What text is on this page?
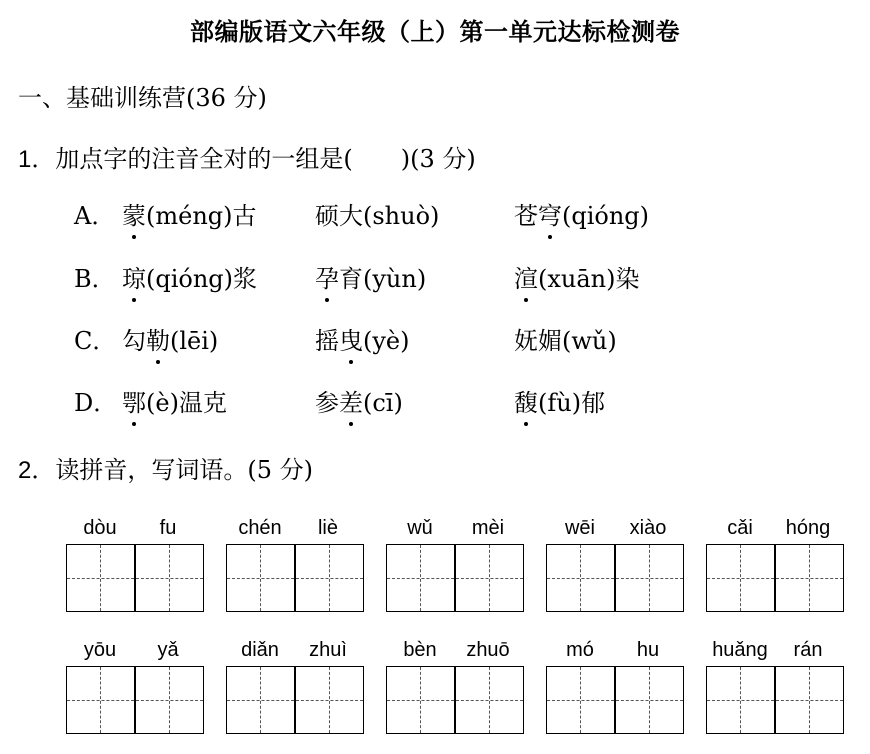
部编版语文六年级（上）第一单元达标检测卷
一、基础训练营(36 分)
1．加点字的注音全对的一组是(　　)(3 分)
A． 蒙(méng)古 硕大(shuò)	苍穹(qióng)
B． 琼(qióng)浆 孕育(yùn)	渲(xuān)染
C． 勾勒(lēi)	摇曳(yè)	妩媚(wǔ)
D． 鄂(è)温克	参差(cī)	馥(fù)郁
2．读拼音，写词语。(5 分)
dòu	fu	chén	liè	wǔ	mèi	wēi	xiào	cǎi	hóng
yōu	yǎ	diǎn	zhuì	bèn	zhuō	mó	hu	huǎng	rán
